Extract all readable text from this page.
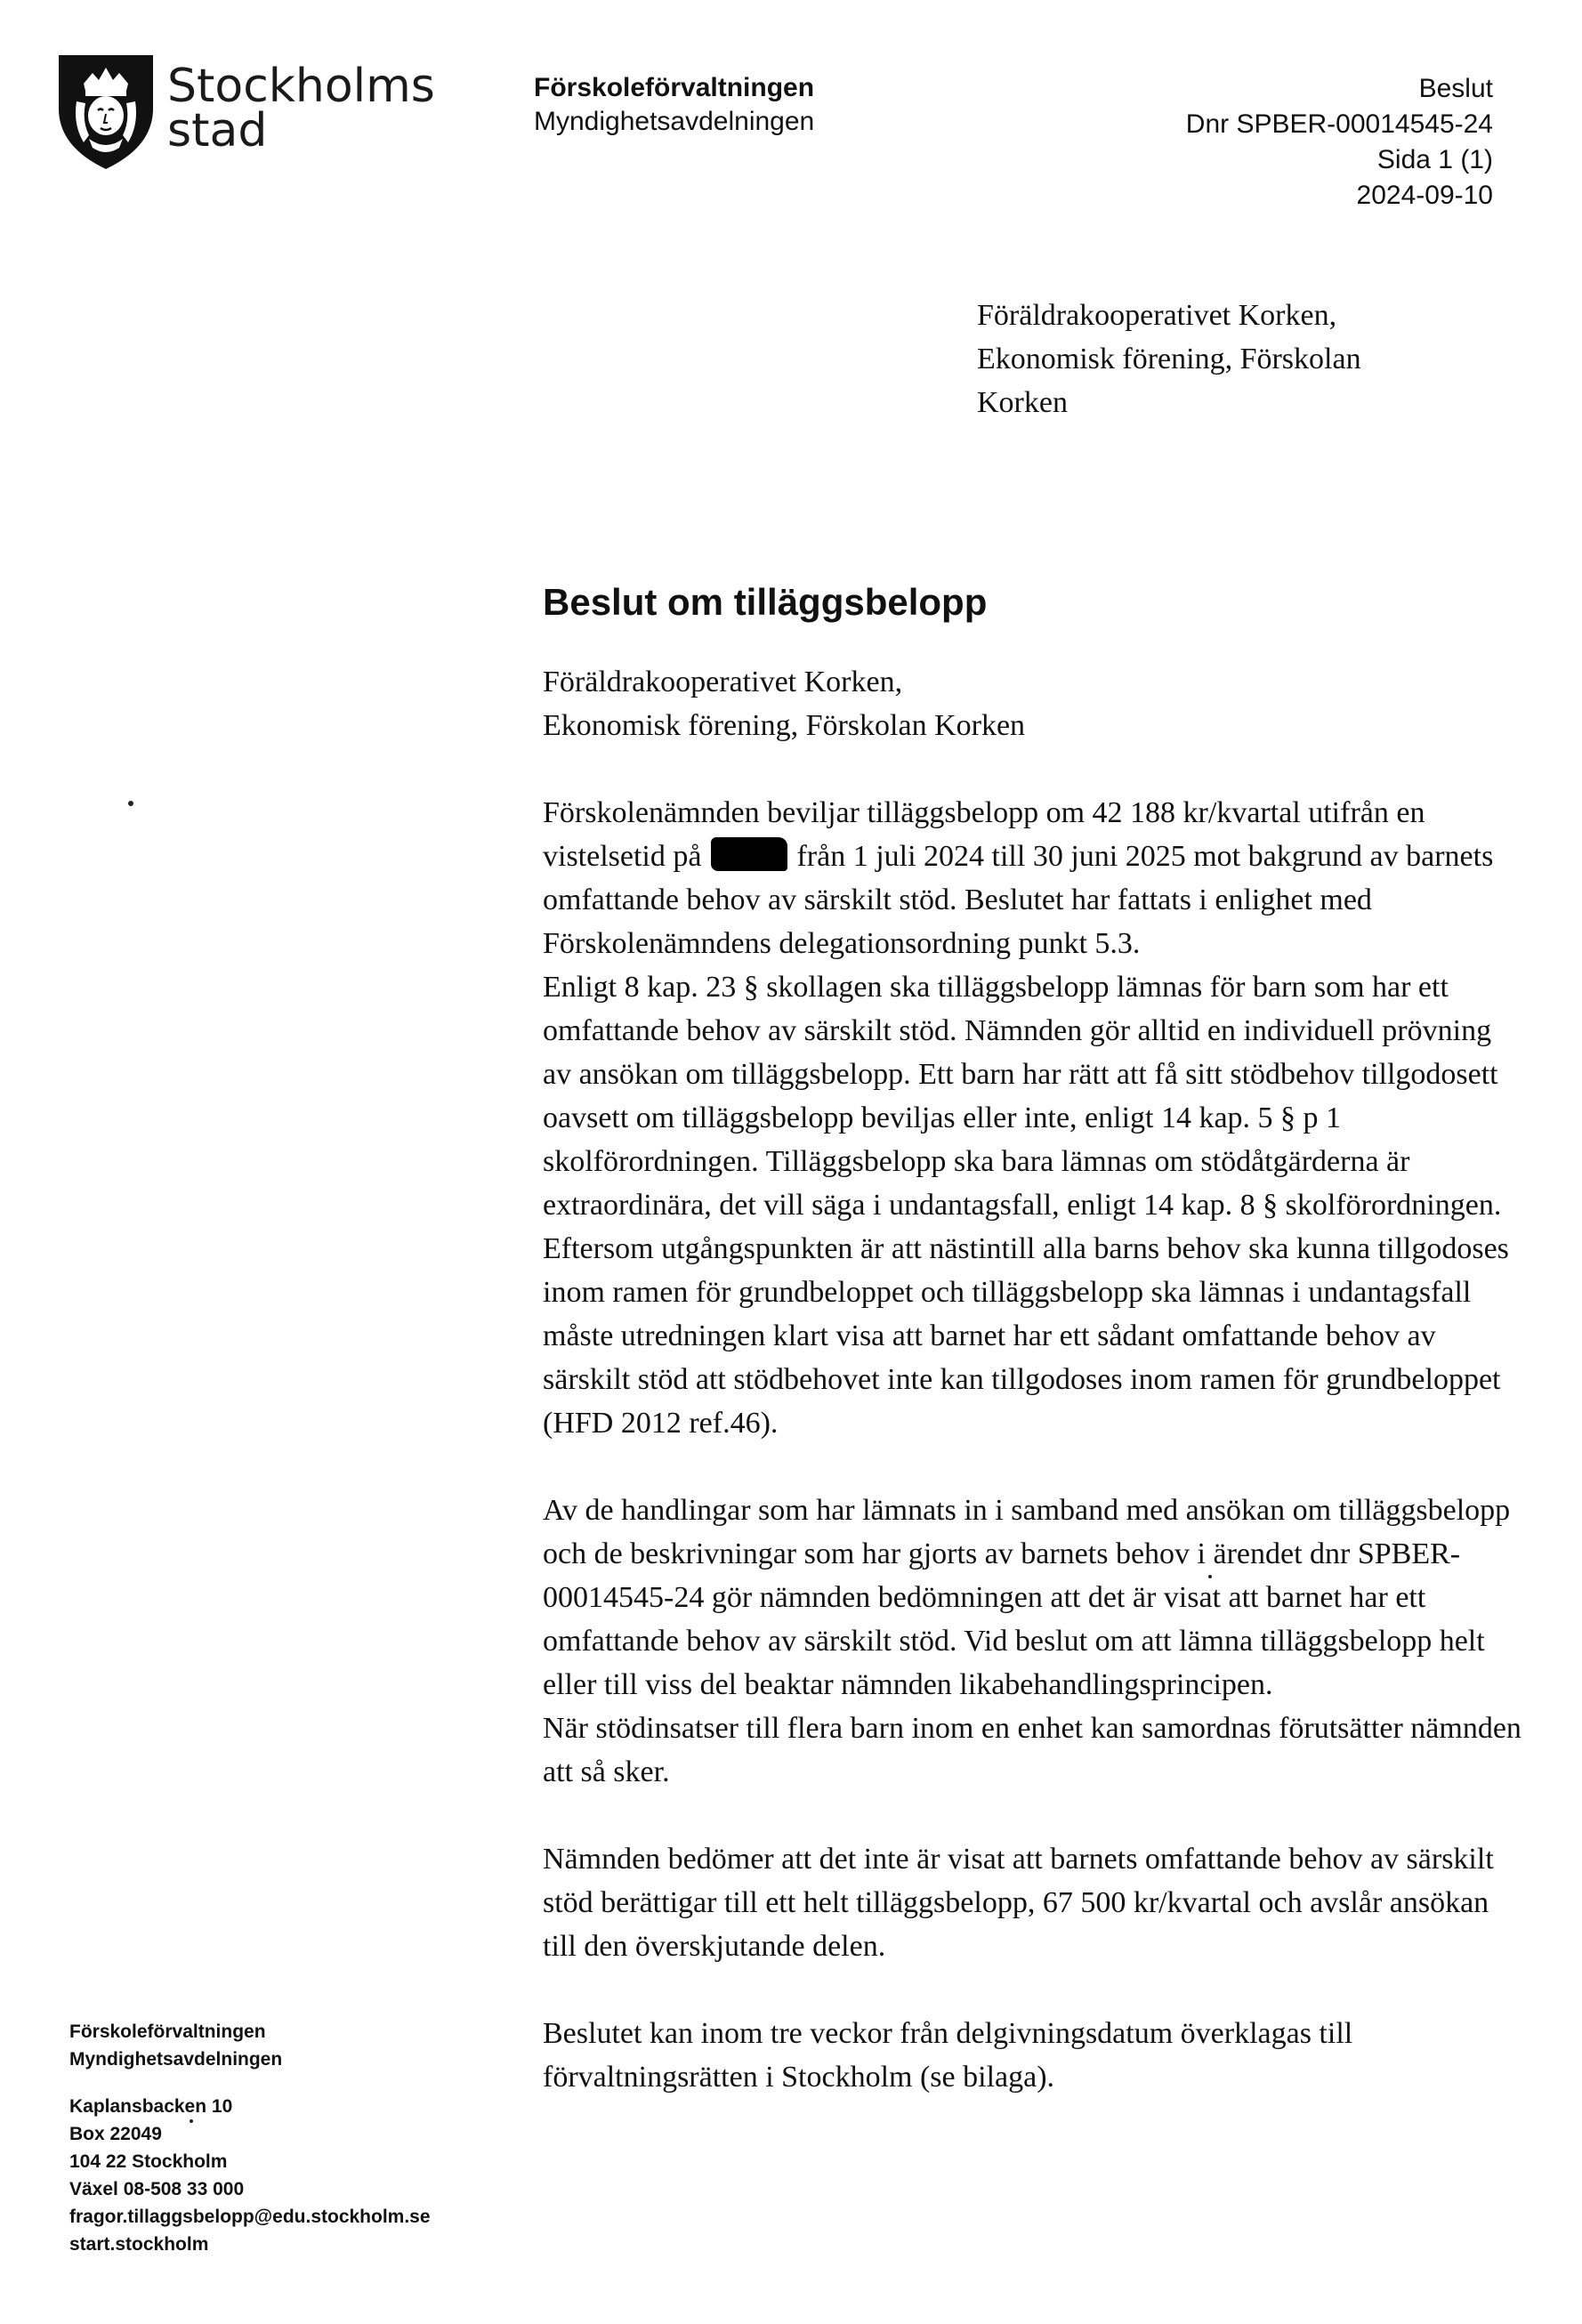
Stockholms
stad
Förskoleförvaltningen
Myndighetsavdelningen
Beslut
Dnr SPBER-00014545-24
Sida 1 (1)
2024-09-10
Föräldrakooperativet Korken,
Ekonomisk förening, Förskolan
Korken
Beslut om tilläggsbelopp
Föräldrakooperativet Korken,
Ekonomisk förening, Förskolan Korken

Förskolenämnden beviljar tilläggsbelopp om 42 188 kr/kvartal utifrån en vistelsetid på	från 1 juli 2024 till 30 juni 2025 mot bakgrund av barnets omfattande behov av särskilt stöd. Beslutet har fattats i enlighet med Förskolenämndens delegationsordning punkt 5.3.

Enligt 8 kap. 23 § skollagen ska tilläggsbelopp lämnas för barn som har ett omfattande behov av särskilt stöd. Nämnden gör alltid en individuell prövning av ansökan om tilläggsbelopp. Ett barn har rätt att få sitt stödbehov tillgodosett oavsett om tilläggsbelopp beviljas eller inte, enligt 14 kap. 5 § p 1 skolförordningen. Tilläggsbelopp ska bara lämnas om stödåtgärderna är extraordinära, det vill säga i undantagsfall, enligt 14 kap. 8 § skolförordningen. Eftersom utgångspunkten är att nästintill alla barns behov ska kunna tillgodoses inom ramen för grundbeloppet och tilläggsbelopp ska lämnas i undantagsfall måste utredningen klart visa att barnet har ett sådant omfattande behov av särskilt stöd att stödbehovet inte kan tillgodoses inom ramen för grundbeloppet (HFD 2012 ref.46).

Av de handlingar som har lämnats in i samband med ansökan om tilläggsbelopp och de beskrivningar som har gjorts av barnets behov i ärendet dnr SPBER-00014545-24 gör nämnden bedömningen att det är visat att barnet har ett omfattande behov av särskilt stöd. Vid beslut om att lämna tilläggsbelopp helt eller till viss del beaktar nämnden likabehandlingsprincipen.

När stödinsatser till flera barn inom en enhet kan samordnas förutsätter nämnden att så sker.

Nämnden bedömer att det inte är visat att barnets omfattande behov av särskilt stöd berättigar till ett helt tilläggsbelopp, 67 500 kr/kvartal och avslår ansökan till den överskjutande delen.

Beslutet kan inom tre veckor från delgivningsdatum överklagas till förvaltningsrätten i Stockholm (se bilaga).

Förskoleförvaltningen
Myndighetsavdelningen
Kaplansbacken 10
Box 22049
104 22 Stockholm
Växel 08-508 33 000
fragor.tillaggsbelopp@edu.stockholm.se
start.stockholm
